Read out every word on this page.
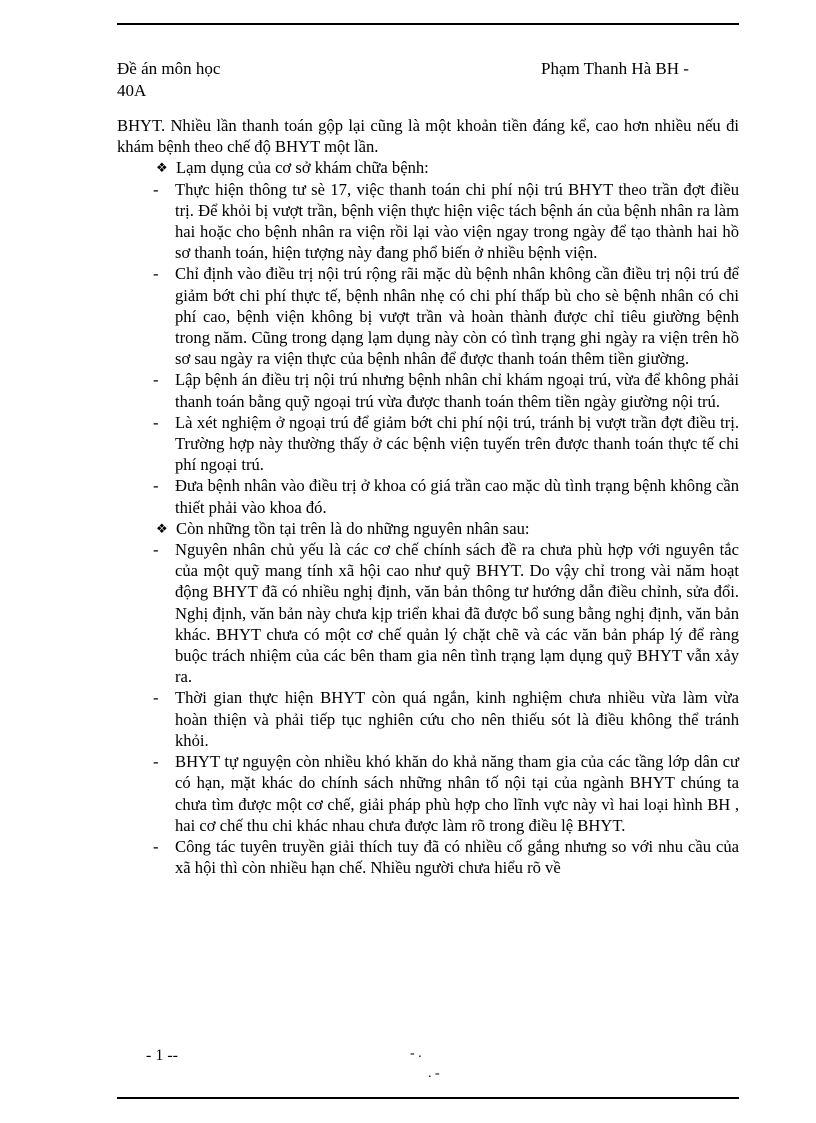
Đề án môn học	Phạm Thanh Hà BH -
40A

BHYT. Nhiều lần thanh toán gộp lại cũng là một khoản tiền đáng kể, cao hơn nhiều nếu đi khám bệnh theo chế độ BHYT một lần.

❖ Lạm dụng của cơ sở khám chữa bệnh:
- Thực hiện thông tư sè 17, việc thanh toán chi phí nội trú BHYT theo trần đợt điều trị. Để khỏi bị vượt trần, bệnh viện thực hiện việc tách bệnh án của bệnh nhân ra làm hai hoặc cho bệnh nhân ra viện rồi lại vào viện ngay trong ngày để tạo thành hai hồ sơ thanh toán, hiện tượng này đang phổ biến ở nhiều bệnh viện.
- Chỉ định vào điều trị nội trú rộng rãi mặc dù bệnh nhân không cần điều trị nội trú để giảm bớt chi phí thực tế, bệnh nhân nhẹ có chi phí thấp bù cho sè bệnh nhân có chi phí cao, bệnh viện không bị vượt trần và hoàn thành được chỉ tiêu giường bệnh trong năm. Cũng trong dạng lạm dụng này còn có tình trạng ghi ngày ra viện trên hồ sơ sau ngày ra viện thực của bệnh nhân để được thanh toán thêm tiền giường.
- Lập bệnh án điều trị nội trú nhưng bệnh nhân chỉ khám ngoại trú, vừa để không phải thanh toán bằng quỹ ngoại trú vừa được thanh toán thêm tiền ngày giường nội trú.
- Là xét nghiệm ở ngoại trú để giảm bớt chi phí nội trú, tránh bị vượt trần đợt điều trị. Trường hợp này thường thấy ở các bệnh viện tuyến trên được thanh toán thực tế chi phí ngoại trú.
- Đưa bệnh nhân vào điều trị ở khoa có giá trần cao mặc dù tình trạng bệnh không cần thiết phải vào khoa đó.
❖ Còn những tồn tại trên là do những nguyên nhân sau:
- Nguyên nhân chủ yếu là các cơ chế chính sách đề ra chưa phù hợp với nguyên tắc của một quỹ mang tính xã hội cao như quỹ BHYT. Do vậy chỉ trong vài năm hoạt động BHYT đã có nhiều nghị định, văn bản thông tư hướng dẫn điều chỉnh, sửa đổi. Nghị định, văn bản này chưa kịp triển khai đã được bổ sung bằng nghị định, văn bản khác. BHYT chưa có một cơ chế quản lý chặt chẽ và các văn bản pháp lý để ràng buộc trách nhiệm của các bên tham gia nên tình trạng lạm dụng quỹ BHYT vẫn xảy ra.
- Thời gian thực hiện BHYT còn quá ngắn, kinh nghiệm chưa nhiều vừa làm vừa hoàn thiện và phải tiếp tục nghiên cứu cho nên thiếu sót là điều không thể tránh khỏi.
- BHYT tự nguyện còn nhiều khó khăn do khả năng tham gia của các tầng lớp dân cư có hạn, mặt khác do chính sách những nhân tố nội tại của ngành BHYT chúng ta chưa tìm được một cơ chế, giải pháp phù hợp cho lĩnh vực này vì hai loại hình BH , hai cơ chế thu chi khác nhau chưa được làm rõ trong điều lệ BHYT.
- Công tác tuyên truyền giải thích tuy đã có nhiều cố gắng nhưng so với nhu cầu của xã hội thì còn nhiều hạn chế. Nhiều người chưa hiểu rõ về
- 1 --	- .
. -
